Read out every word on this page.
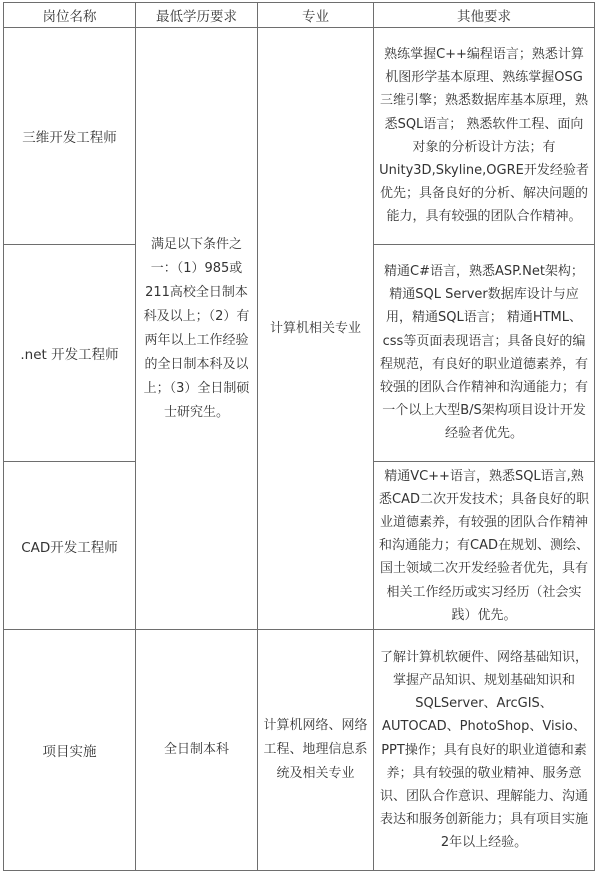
岗位名称	最低学历要求	专业	其他要求
三维开发工程师	满足以下条件之一：（1）985或211高校全日制本科及以上；（2）有两年以上工作经验的全日制本科及以上；（3）全日制硕士研究生。	计算机相关专业	熟练掌握C++编程语言；熟悉计算机图形学基本原理、熟练掌握OSG三维引擎；熟悉数据库基本原理，熟悉SQL语言； 熟悉软件工程、面向对象的分析设计方法；有Unity3D,Skyline,OGRE开发经验者优先；具备良好的分析、解决问题的能力，具有较强的团队合作精神。
.net 开发工程师			精通C#语言，熟悉ASP.Net架构；精通SQL Server数据库设计与应用，精通SQL语言； 精通HTML、css等页面表现语言；具备良好的编程规范，有良好的职业道德素养，有较强的团队合作精神和沟通能力；有一个以上大型B/S架构项目设计开发经验者优先。
CAD开发工程师			精通VC++语言，熟悉SQL语言,熟悉CAD二次开发技术；具备良好的职业道德素养，有较强的团队合作精神和沟通能力；有CAD在规划、测绘、国土领域二次开发经验者优先，具有相关工作经历或实习经历（社会实践）优先。
项目实施	全日制本科	计算机网络、网络工程、地理信息系统及相关专业	了解计算机软硬件、网络基础知识，掌握产品知识、规划基础知识和SQLServer、ArcGIS、AUTOCAD、PhotoShop、Visio、PPT操作；具有良好的职业道德和素养；具有较强的敬业精神、服务意识、团队合作意识、理解能力、沟通表达和服务创新能力；具有项目实施2年以上经验。
